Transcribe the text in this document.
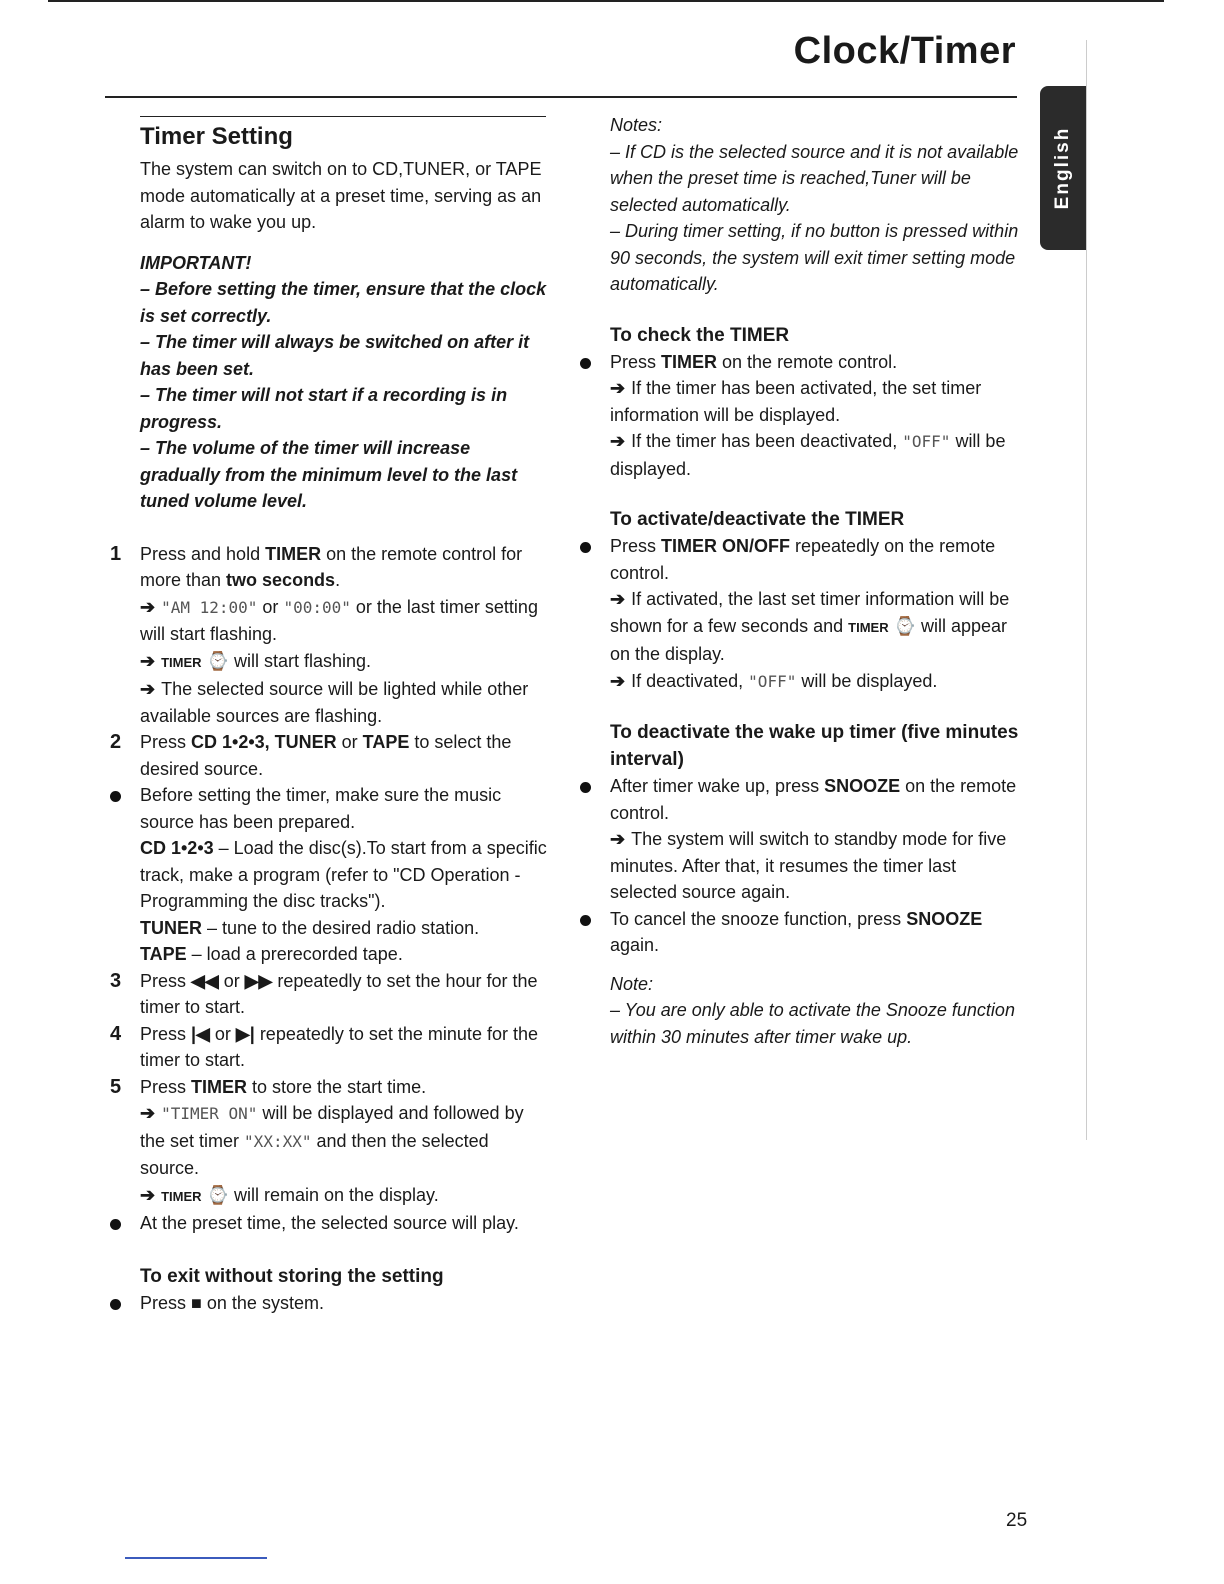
Clock/Timer
English
Timer Setting

The system can switch on to CD,TUNER, or TAPE mode automatically at a preset time, serving as an alarm to wake you up.

IMPORTANT!

– Before setting the timer, ensure that the clock is set correctly.

– The timer will always be switched on after it has been set.

– The timer will not start if a recording is in progress.

– The volume of the timer will increase gradually from the minimum level to the last tuned volume level.

1 Press and hold TIMER on the remote control for more than two seconds.

➔ "AM 12:00" or "00:00" or the last timer setting will start flashing.

➔ TIMER ⌚ will start flashing.

➔ The selected source will be lighted while other available sources are flashing.

2 Press CD 1•2•3, TUNER or TAPE to select the desired source.

Before setting the timer, make sure the music source has been prepared.

CD 1•2•3 – Load the disc(s).To start from a specific track, make a program (refer to "CD Operation - Programming the disc tracks").

TUNER – tune to the desired radio station.

TAPE – load a prerecorded tape.

3 Press ◀◀ or ▶▶ repeatedly to set the hour for the timer to start.

4 Press |◀ or ▶| repeatedly to set the minute for the timer to start.

5 Press TIMER to store the start time.

➔ "TIMER ON" will be displayed and followed by the set timer "XX:XX" and then the selected source.

➔ TIMER ⌚ will remain on the display.

At the preset time, the selected source will play.

To exit without storing the setting

Press ■ on the system.

Notes:

– If CD is the selected source and it is not available when the preset time is reached,Tuner will be selected automatically.

– During timer setting, if no button is pressed within 90 seconds, the system will exit timer setting mode automatically.

To check the TIMER

Press TIMER on the remote control.

➔ If the timer has been activated, the set timer information will be displayed.

➔ If the timer has been deactivated, "OFF" will be displayed.

To activate/deactivate the TIMER

Press TIMER ON/OFF repeatedly on the remote control.

➔ If activated, the last set timer information will be shown for a few seconds and TIMER ⌚ will appear on the display.

➔ If deactivated, "OFF" will be displayed.

To deactivate the wake up timer (five minutes interval)

After timer wake up, press SNOOZE on the remote control.

➔ The system will switch to standby mode for five minutes. After that, it resumes the timer last selected source again.

To cancel the snooze function, press SNOOZE again.

Note:

– You are only able to activate the Snooze function within 30 minutes after timer wake up.

25
